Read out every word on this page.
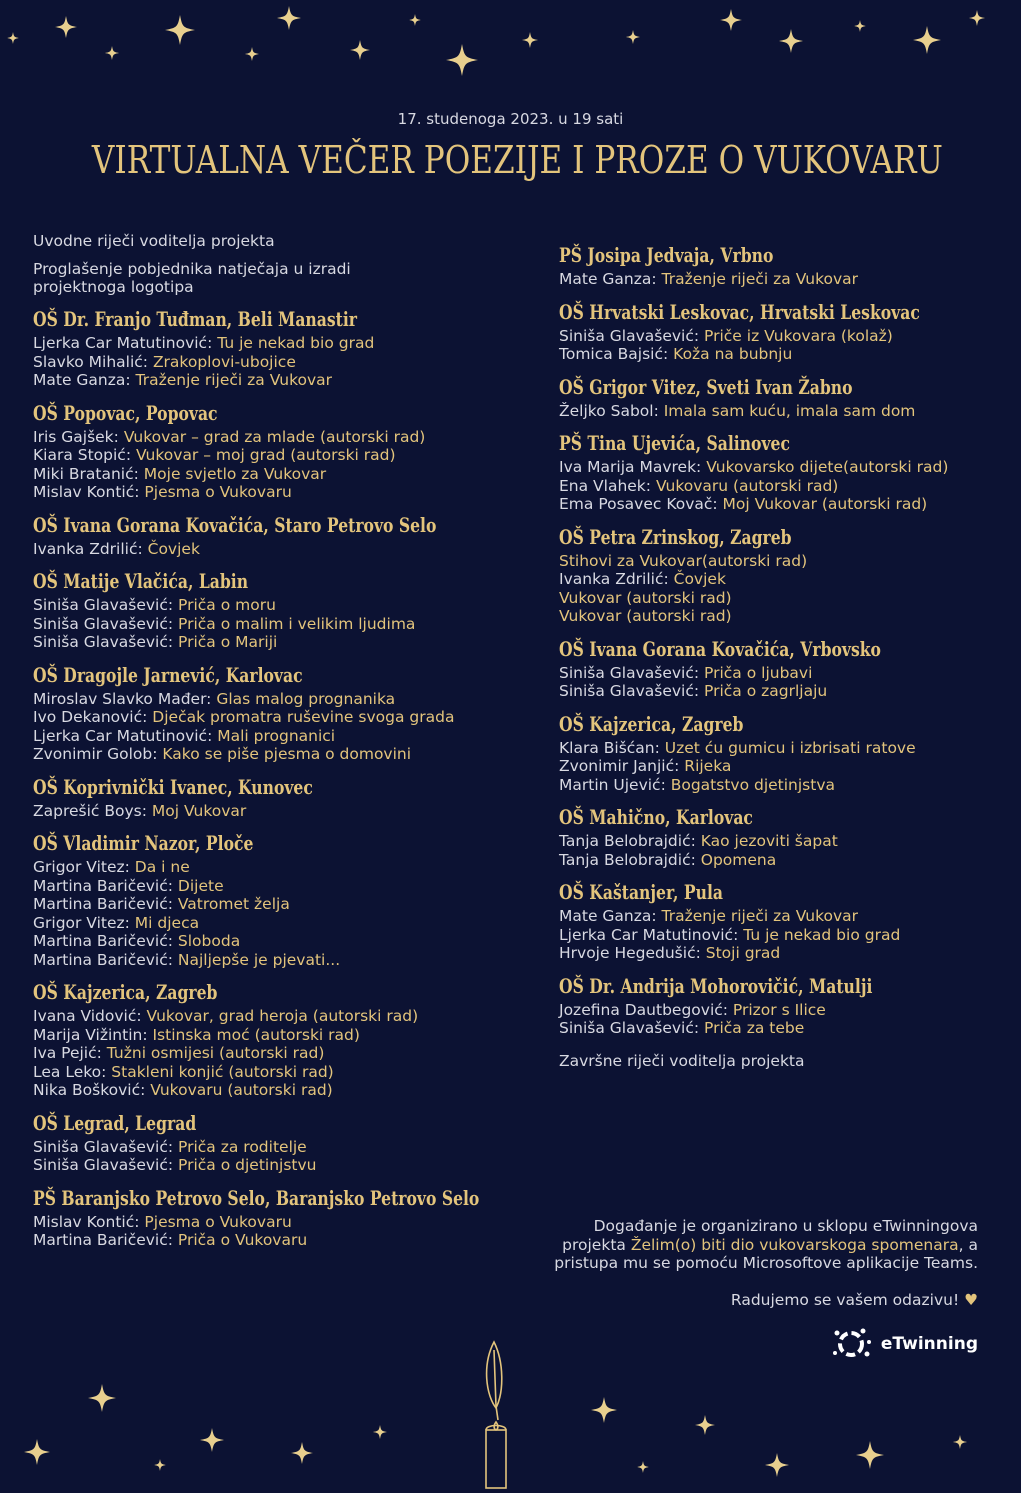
17. studenoga 2023. u 19 sati
VIRTUALNA VEČER POEZIJE I PROZE O VUKOVARU
Uvodne riječi voditelja projekta
Proglašenje pobjednika natječaja u izradi projektnoga logotipa
OŠ Dr. Franjo Tuđman, Beli Manastir
Ljerka Car Matutinović: Tu je nekad bio grad
Slavko Mihalić: Zrakoplovi-ubojice
Mate Ganza: Traženje riječi za Vukovar
OŠ Popovac, Popovac
Iris Gajšek: Vukovar – grad za mlade (autorski rad)
Kiara Stopić: Vukovar – moj grad (autorski rad)
Miki Bratanić: Moje svjetlo za Vukovar
Mislav Kontić: Pjesma o Vukovaru
OŠ Ivana Gorana Kovačića, Staro Petrovo Selo
Ivanka Zdrilić: Čovjek
OŠ Matije Vlačića, Labin
Siniša Glavašević: Priča o moru
Siniša Glavašević: Priča o malim i velikim ljudima
Siniša Glavašević: Priča o Mariji
OŠ Dragojle Jarnević, Karlovac
Miroslav Slavko Mađer: Glas malog prognanika
Ivo Dekanović: Dječak promatra ruševine svoga grada
Ljerka Car Matutinović: Mali prognanici
Zvonimir Golob: Kako se piše pjesma o domovini
OŠ Koprivnički Ivanec, Kunovec
Zaprešić Boys: Moj Vukovar
OŠ Vladimir Nazor, Ploče
Grigor Vitez: Da i ne
Martina Baričević: Dijete
Martina Baričević: Vatromet želja
Grigor Vitez: Mi djeca
Martina Baričević: Sloboda
Martina Baričević: Najljepše je pjevati...
OŠ Kajzerica, Zagreb
Ivana Vidović: Vukovar, grad heroja (autorski rad)
Marija Vižintin: Istinska moć (autorski rad)
Iva Pejić: Tužni osmijesi (autorski rad)
Lea Leko: Stakleni konjić (autorski rad)
Nika Bošković: Vukovaru (autorski rad)
OŠ Legrad, Legrad
Siniša Glavašević: Priča za roditelje
Siniša Glavašević: Priča o djetinjstvu
PŠ Baranjsko Petrovo Selo, Baranjsko Petrovo Selo
Mislav Kontić: Pjesma o Vukovaru
Martina Baričević: Priča o Vukovaru
PŠ Josipa Jedvaja, Vrbno
Mate Ganza: Traženje riječi za Vukovar
OŠ Hrvatski Leskovac, Hrvatski Leskovac
Siniša Glavašević: Priče iz Vukovara (kolaž)
Tomica Bajsić: Koža na bubnju
OŠ Grigor Vitez, Sveti Ivan Žabno
Željko Sabol: Imala sam kuću, imala sam dom
PŠ Tina Ujevića, Salinovec
Iva Marija Mavrek: Vukovarsko dijete(autorski rad)
Ena Vlahek: Vukovaru (autorski rad)
Ema Posavec Kovač: Moj Vukovar (autorski rad)
OŠ Petra Zrinskog, Zagreb
Stihovi za Vukovar(autorski rad)
Ivanka Zdrilić: Čovjek
Vukovar (autorski rad)
Vukovar (autorski rad)
OŠ Ivana Gorana Kovačića, Vrbovsko
Siniša Glavašević: Priča o ljubavi
Siniša Glavašević: Priča o zagrljaju
OŠ Kajzerica, Zagreb
Klara Bišćan: Uzet ću gumicu i izbrisati ratove
Zvonimir Janjić: Rijeka
Martin Ujević: Bogatstvo djetinjstva
OŠ Mahično, Karlovac
Tanja Belobrajdić: Kao jezoviti šapat
Tanja Belobrajdić: Opomena
OŠ Kaštanjer, Pula
Mate Ganza: Traženje riječi za Vukovar
Ljerka Car Matutinović: Tu je nekad bio grad
Hrvoje Hegedušić: Stoji grad
OŠ Dr. Andrija Mohorovičić, Matulji
Jozefina Dautbegović: Prizor s Ilice
Siniša Glavašević: Priča za tebe
Završne riječi voditelja projekta
Događanje je organizirano u sklopu eTwinningova
projekta Želim(o) biti dio vukovarskoga spomenara, a
pristupa mu se pomoću Microsoftove aplikacije Teams.
Radujemo se vašem odazivu! ♥
eTwinning
